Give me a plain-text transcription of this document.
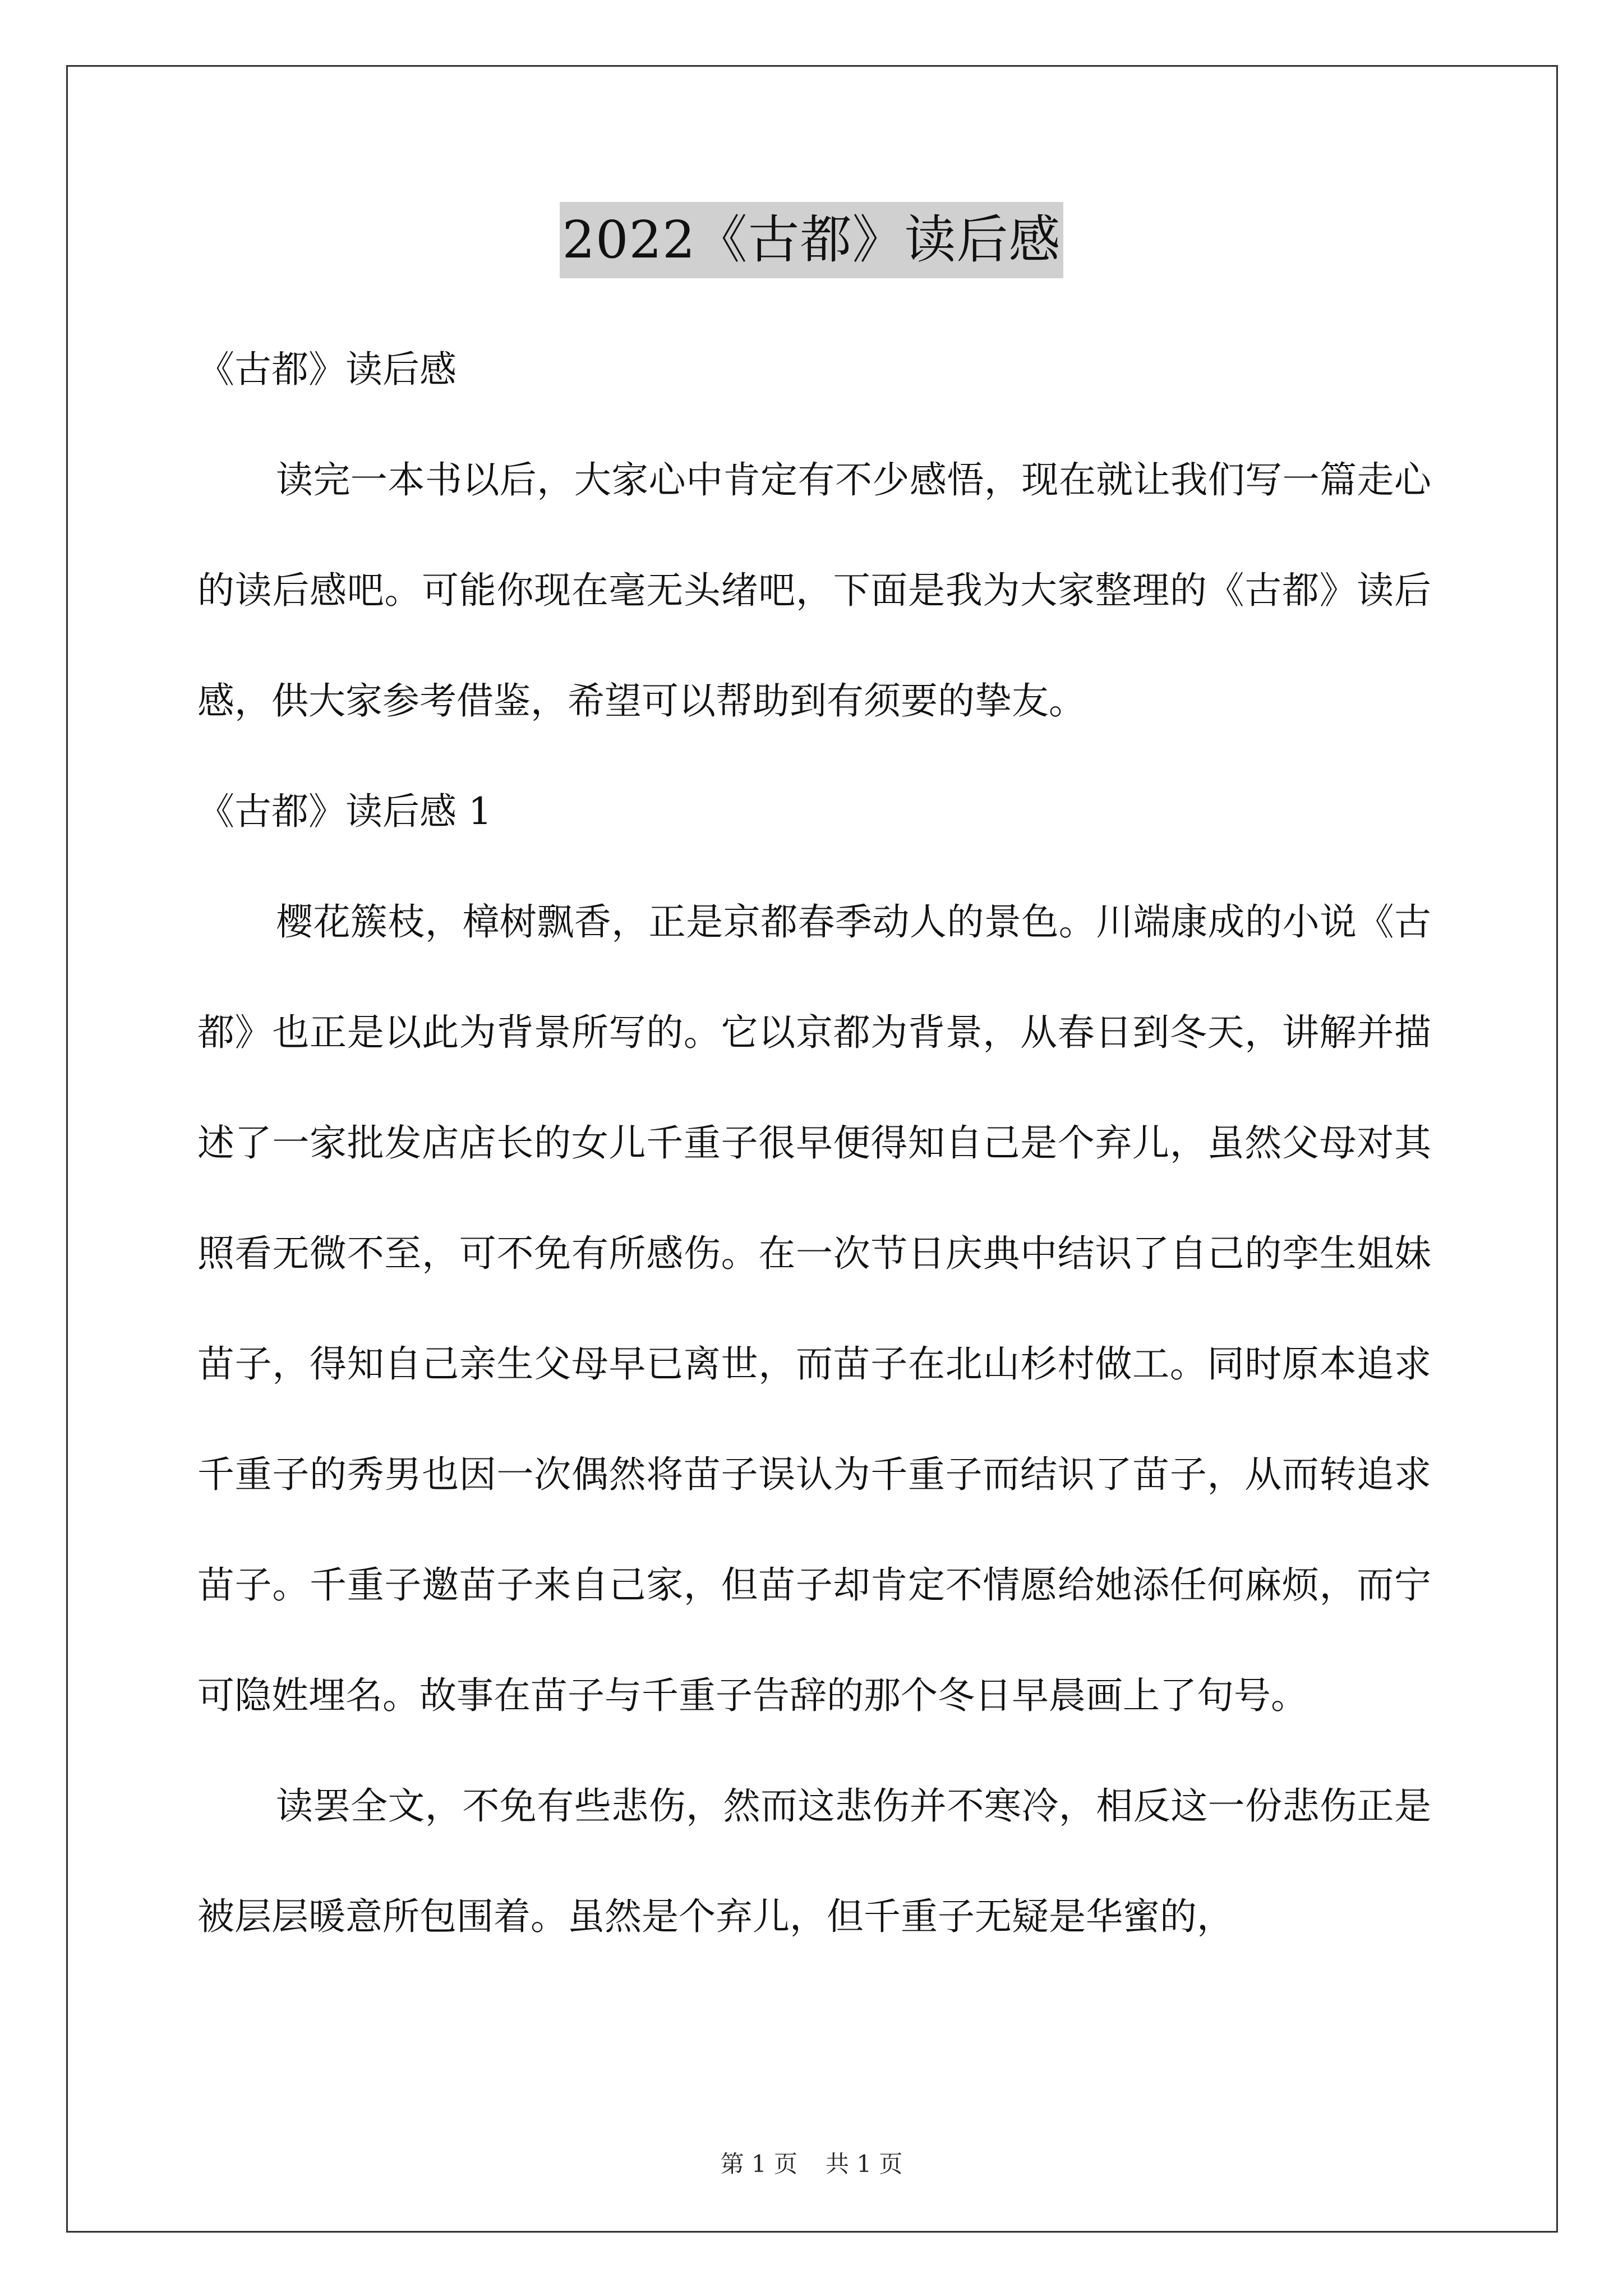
2022《古都》读后感

《古都》读后感

读完一本书以后，大家心中肯定有不少感悟，现在就让我们写一篇走心的读后感吧。可能你现在毫无头绪吧，下面是我为大家整理的《古都》读后感，供大家参考借鉴，希望可以帮助到有须要的挚友。

《古都》读后感 1

樱花簇枝，樟树飘香，正是京都春季动人的景色。川端康成的小说《古都》也正是以此为背景所写的。它以京都为背景，从春日到冬天，讲解并描述了一家批发店店长的女儿千重子很早便得知自己是个弃儿，虽然父母对其照看无微不至，可不免有所感伤。在一次节日庆典中结识了自己的孪生姐妹苗子，得知自己亲生父母早已离世，而苗子在北山杉村做工。同时原本追求千重子的秀男也因一次偶然将苗子误认为千重子而结识了苗子，从而转追求苗子。千重子邀苗子来自己家，但苗子却肯定不情愿给她添任何麻烦，而宁可隐姓埋名。故事在苗子与千重子告辞的那个冬日早晨画上了句号。

读罢全文，不免有些悲伤，然而这悲伤并不寒冷，相反这一份悲伤正是被层层暖意所包围着。虽然是个弃儿，但千重子无疑是华蜜的，

第 1 页 共 1 页
